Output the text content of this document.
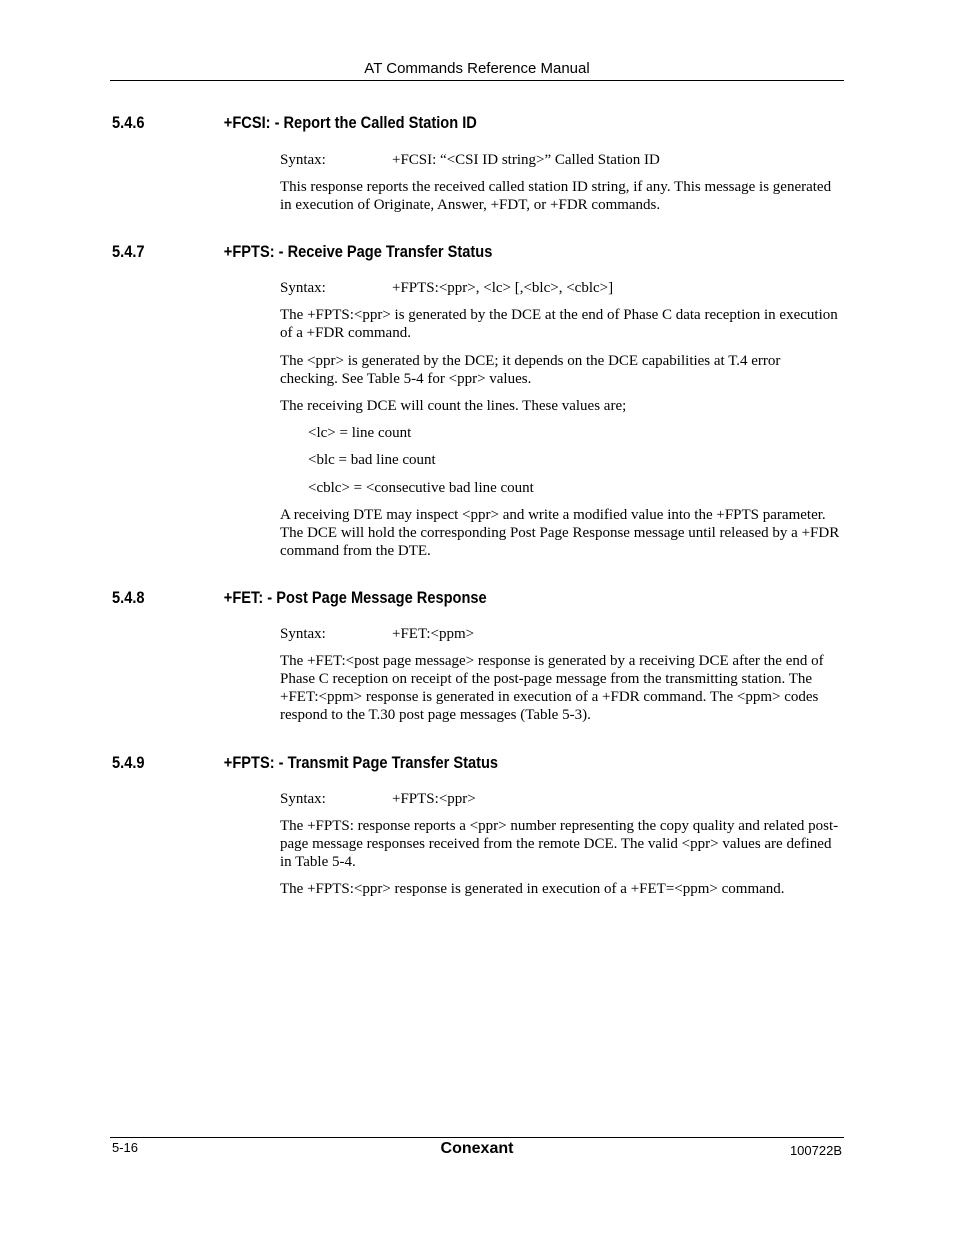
AT Commands Reference Manual
5.4.6	+FCSI: - Report the Called Station ID
Syntax:	+FCSI: “<CSI ID string>” Called Station ID

This response reports the received called station ID string, if any. This message is generated in execution of Originate, Answer, +FDT, or +FDR commands.

5.4.7	+FPTS: - Receive Page Transfer Status
Syntax:	+FPTS:<ppr>, <lc> [,<blc>, <cblc>]

The +FPTS:<ppr> is generated by the DCE at the end of Phase C data reception in execution of a +FDR command.

The <ppr> is generated by the DCE; it depends on the DCE capabilities at T.4 error checking. See Table 5-4 for <ppr> values.

The receiving DCE will count the lines. These values are;

<lc> = line count
<blc = bad line count
<cblc> = <consecutive bad line count

A receiving DTE may inspect <ppr> and write a modified value into the +FPTS parameter. The DCE will hold the corresponding Post Page Response message until released by a +FDR command from the DTE.

5.4.8	+FET: - Post Page Message Response
Syntax:	+FET:<ppm>

The +FET:<post page message> response is generated by a receiving DCE after the end of Phase C reception on receipt of the post-page message from the transmitting station. The +FET:<ppm> response is generated in execution of a +FDR command. The <ppm> codes respond to the T.30 post page messages (Table 5-3).

5.4.9	+FPTS: - Transmit Page Transfer Status
Syntax:	+FPTS:<ppr>

The +FPTS: response reports a <ppr> number representing the copy quality and related post-page message responses received from the remote DCE. The valid <ppr> values are defined in Table 5-4.

The +FPTS:<ppr> response is generated in execution of a +FET=<ppm> command.

5-16	Conexant	100722B
